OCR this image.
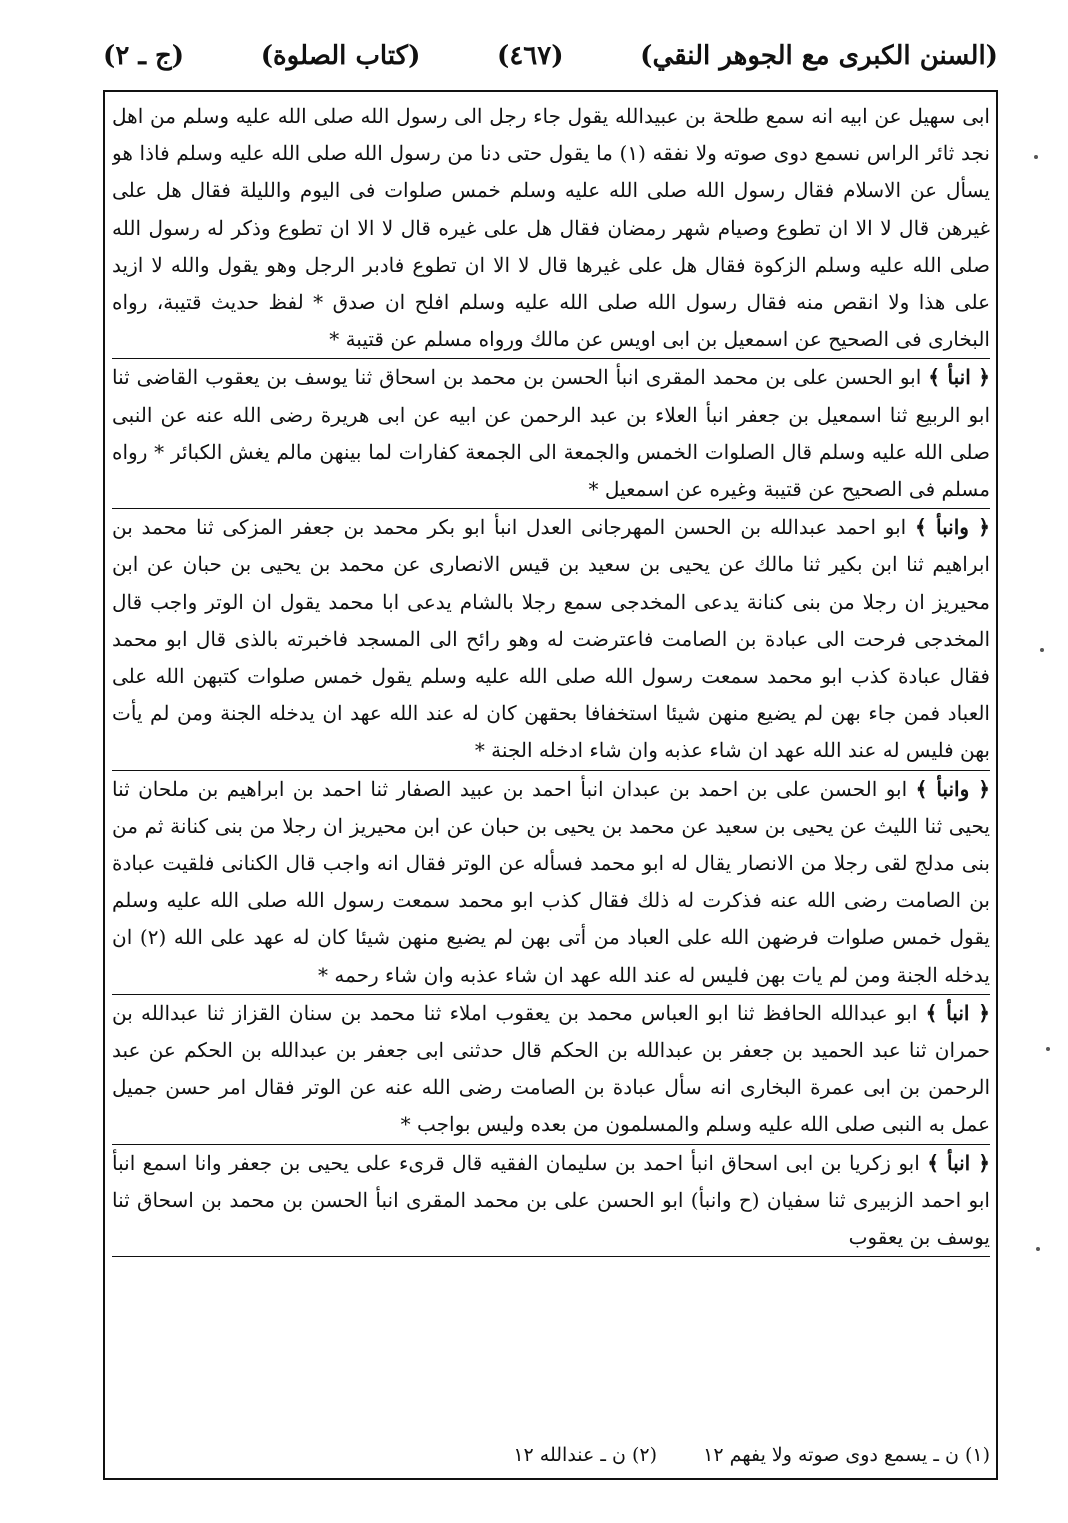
(السنن الكبرى مع الجوهر النقي)
(٤٦٧)
(كتاب الصلوة)
(ج ـ ٢)

ابى سهيل عن ابيه انه سمع طلحة بن عبيدالله يقول جاء رجل الى رسول الله صلى الله عليه وسلم من اهل نجد ثائر الراس نسمع دوى صوته ولا نفقه (١) ما يقول حتى دنا من رسول الله صلى الله عليه وسلم فاذا هو يسأل عن الاسلام فقال رسول الله صلى الله عليه وسلم خمس صلوات فى اليوم والليلة فقال هل على غيرهن قال لا الا ان تطوع وصيام شهر رمضان فقال هل على غيره قال لا الا ان تطوع وذكر له رسول الله صلى الله عليه وسلم الزكوة فقال هل على غيرها قال لا الا ان تطوع فادبر الرجل وهو يقول والله لا ازيد على هذا ولا انقص منه فقال رسول الله صلى الله عليه وسلم افلح ان صدق * لفظ حديث قتيبة، رواه البخارى فى الصحيح عن اسمعيل بن ابى اويس عن مالك ورواه مسلم عن قتيبة *

﴿ انبأ ﴾ ابو الحسن على بن محمد المقرى انبأ الحسن بن محمد بن اسحاق ثنا يوسف بن يعقوب القاضى ثنا ابو الربيع ثنا اسمعيل بن جعفر انبأ العلاء بن عبد الرحمن عن ابيه عن ابى هريرة رضى الله عنه عن النبى صلى الله عليه وسلم قال الصلوات الخمس والجمعة الى الجمعة كفارات لما بينهن مالم يغش الكبائر * رواه مسلم فى الصحيح عن قتيبة وغيره عن اسمعيل *

﴿ وانبأ ﴾ ابو احمد عبدالله بن الحسن المهرجانى العدل انبأ ابو بكر محمد بن جعفر المزكى ثنا محمد بن ابراهيم ثنا ابن بكير ثنا مالك عن يحيى بن سعيد بن قيس الانصارى عن محمد بن يحيى بن حبان عن ابن محيريز ان رجلا من بنى كنانة يدعى المخدجى سمع رجلا بالشام يدعى ابا محمد يقول ان الوتر واجب قال المخدجى فرحت الى عبادة بن الصامت فاعترضت له وهو رائح الى المسجد فاخبرته بالذى قال ابو محمد فقال عبادة كذب ابو محمد سمعت رسول الله صلى الله عليه وسلم يقول خمس صلوات كتبهن الله على العباد فمن جاء بهن لم يضيع منهن شيئا استخفافا بحقهن كان له عند الله عهد ان يدخله الجنة ومن لم يأت بهن فليس له عند الله عهد ان شاء عذبه وان شاء ادخله الجنة *

﴿ وانبأ ﴾ ابو الحسن على بن احمد بن عبدان انبأ احمد بن عبيد الصفار ثنا احمد بن ابراهيم بن ملحان ثنا يحيى ثنا الليث عن يحيى بن سعيد عن محمد بن يحيى بن حبان عن ابن محيريز ان رجلا من بنى كنانة ثم من بنى مدلج لقى رجلا من الانصار يقال له ابو محمد فسأله عن الوتر فقال انه واجب قال الكنانى فلقيت عبادة بن الصامت رضى الله عنه فذكرت له ذلك فقال كذب ابو محمد سمعت رسول الله صلى الله عليه وسلم يقول خمس صلوات فرضهن الله على العباد من أتى بهن لم يضيع منهن شيئا كان له عهد على الله (٢) ان يدخله الجنة ومن لم يات بهن فليس له عند الله عهد ان شاء عذبه وان شاء رحمه *

﴿ انبأ ﴾ ابو عبدالله الحافظ ثنا ابو العباس محمد بن يعقوب املاء ثنا محمد بن سنان القزاز ثنا عبدالله بن حمران ثنا عبد الحميد بن جعفر بن عبدالله بن الحكم قال حدثنى ابى جعفر بن عبدالله بن الحكم عن عبد الرحمن بن ابى عمرة البخارى انه سأل عبادة بن الصامت رضى الله عنه عن الوتر فقال امر حسن جميل عمل به النبى صلى الله عليه وسلم والمسلمون من بعده وليس بواجب *

﴿ انبأ ﴾ ابو زكريا بن ابى اسحاق انبأ احمد بن سليمان الفقيه قال قرىء على يحيى بن جعفر وانا اسمع انبأ ابو احمد الزبيرى ثنا سفيان (ح وانبأ) ابو الحسن على بن محمد المقرى انبأ الحسن بن محمد بن اسحاق ثنا يوسف بن يعقوب

(١) ن ـ يسمع دوى صوته ولا يفهم ١٢ (٢) ن ـ عندالله ١٢
